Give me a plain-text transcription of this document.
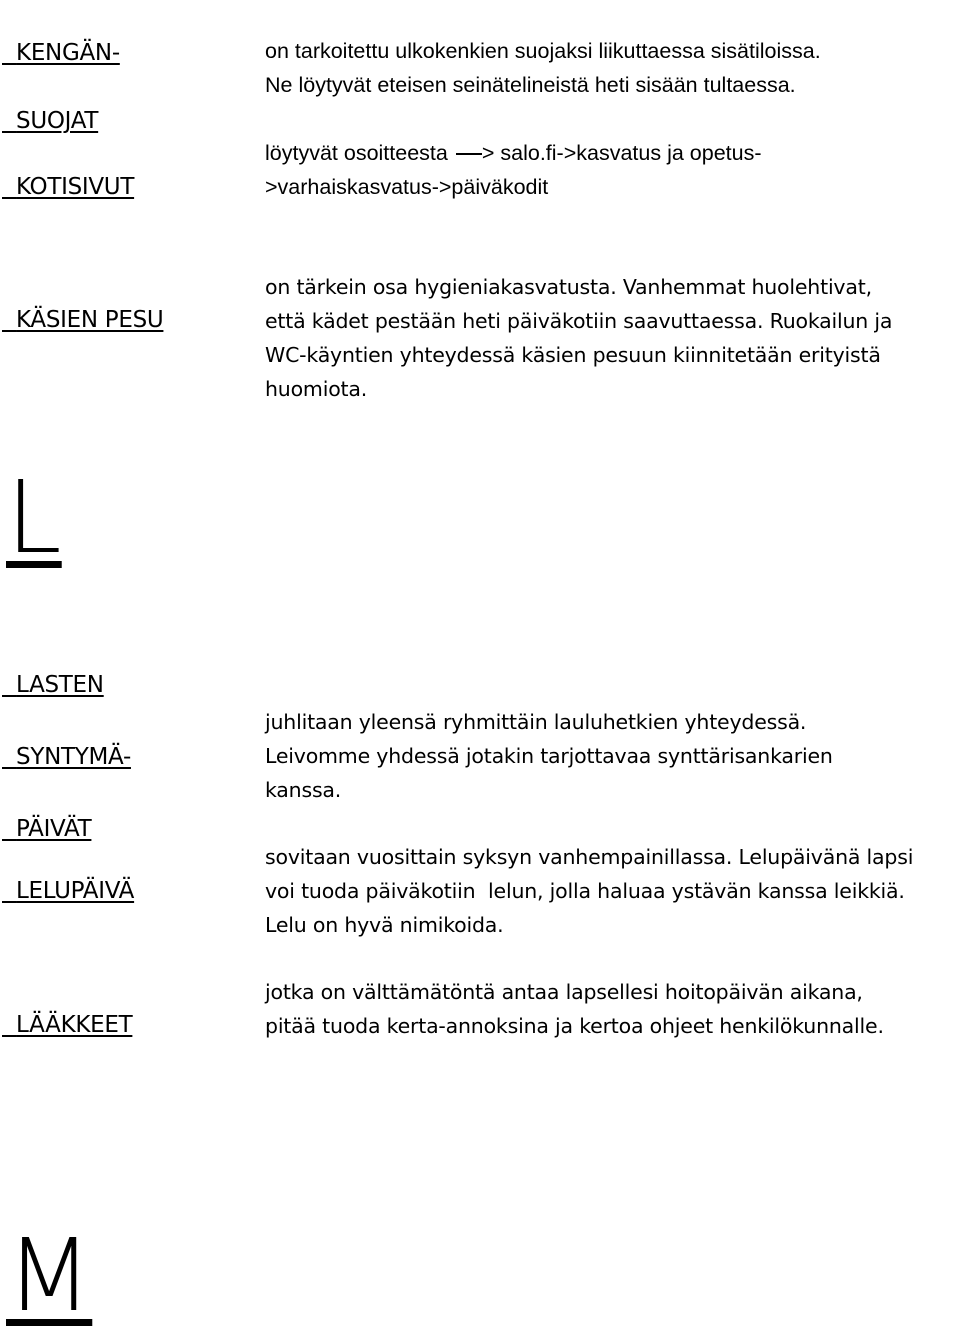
KENGÄN-

SUOJAT

on tarkoitettu ulkokenkien suojaksi liikuttaessa sisätiloissa.
Ne löytyvät eteisen seinätelineistä heti sisään tultaessa.

KOTISIVUT

löytyvät osoitteesta > salo.fi->kasvatus ja opetus-
>varhaiskasvatus->päiväkodit

KÄSIEN PESU

on tärkein osa hygieniakasvatusta. Vanhemmat huolehtivat,
että kädet pestään heti päiväkotiin saavuttaessa. Ruokailun ja
WC-käyntien yhteydessä käsien pesuun kiinnitetään erityistä
huomiota.
L

LASTEN

SYNTYMÄ-

PÄIVÄT

juhlitaan yleensä ryhmittäin lauluhetkien yhteydessä.
Leivomme yhdessä jotakin tarjottavaa synttärisankarien
kanssa.

LELUPÄIVÄ

sovitaan vuosittain syksyn vanhempainillassa. Lelupäivänä lapsi
voi tuoda päiväkotiin  lelun, jolla haluaa ystävän kanssa leikkiä.
Lelu on hyvä nimikoida.

LÄÄKKEET

jotka on välttämätöntä antaa lapsellesi hoitopäivän aikana,
pitää tuoda kerta-annoksina ja kertoa ohjeet henkilökunnalle.
M
